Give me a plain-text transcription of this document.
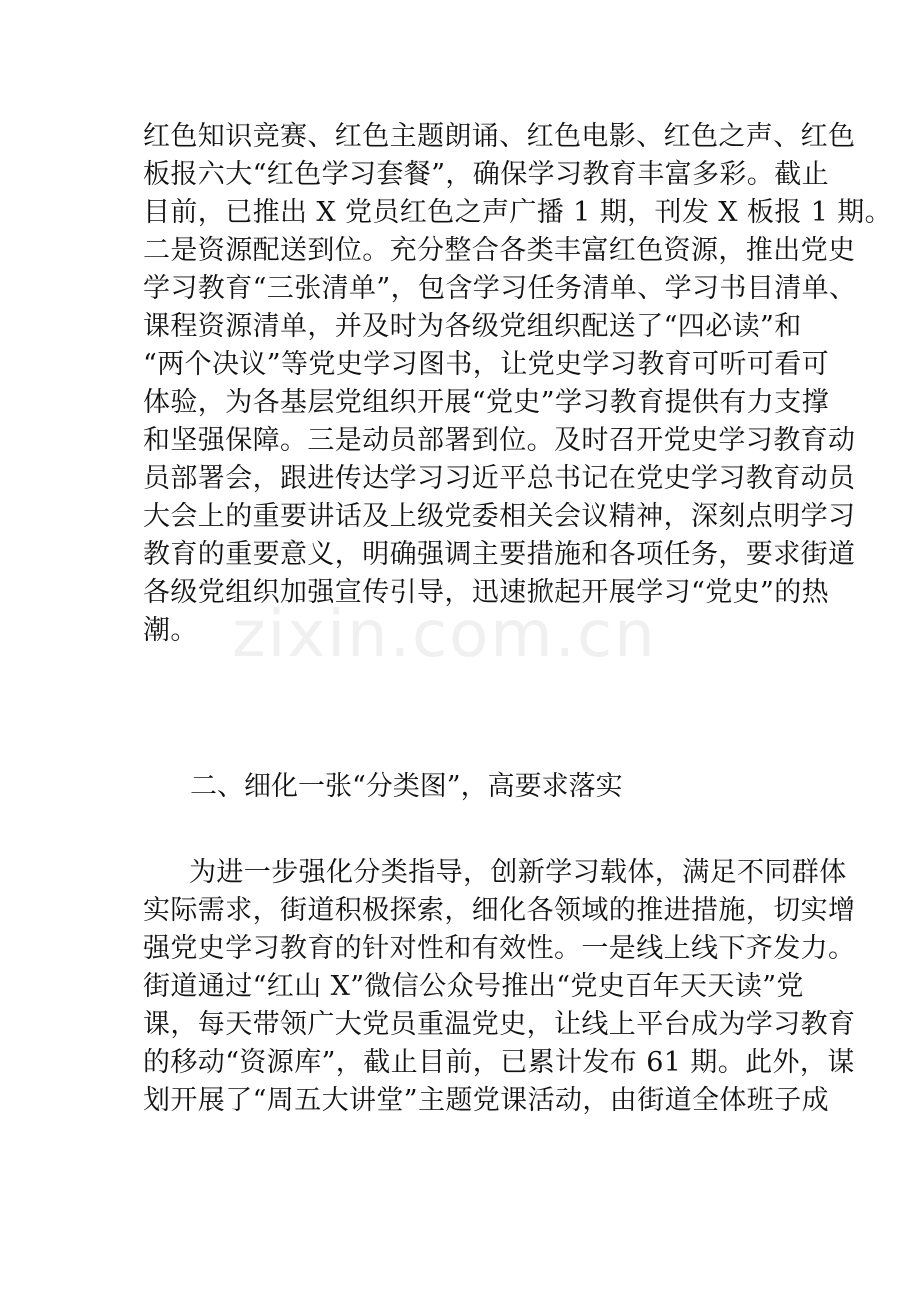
zixin.com.cn
红色知识竞赛、红色主题朗诵、红色电影、红色之声、红色
板报六大“红色学习套餐”，确保学习教育丰富多彩。截止
目前，已推出 X 党员红色之声广播 1 期，刊发 X 板报 1 期。
二是资源配送到位。充分整合各类丰富红色资源，推出党史
学习教育“三张清单”，包含学习任务清单、学习书目清单、
课程资源清单，并及时为各级党组织配送了“四必读”和
“两个决议”等党史学习图书，让党史学习教育可听可看可
体验，为各基层党组织开展“党史”学习教育提供有力支撑
和坚强保障。三是动员部署到位。及时召开党史学习教育动
员部署会，跟进传达学习习近平总书记在党史学习教育动员
大会上的重要讲话及上级党委相关会议精神，深刻点明学习
教育的重要意义，明确强调主要措施和各项任务，要求街道
各级党组织加强宣传引导，迅速掀起开展学习“党史”的热
潮。
二、细化一张“分类图”，高要求落实
为进一步强化分类指导，创新学习载体，满足不同群体
实际需求，街道积极探索，细化各领域的推进措施，切实增
强党史学习教育的针对性和有效性。一是线上线下齐发力。
街道通过“红山 X”微信公众号推出“党史百年天天读”党
课，每天带领广大党员重温党史，让线上平台成为学习教育
的移动“资源库”，截止目前，已累计发布 61 期。此外，谋
划开展了“周五大讲堂”主题党课活动，由街道全体班子成
